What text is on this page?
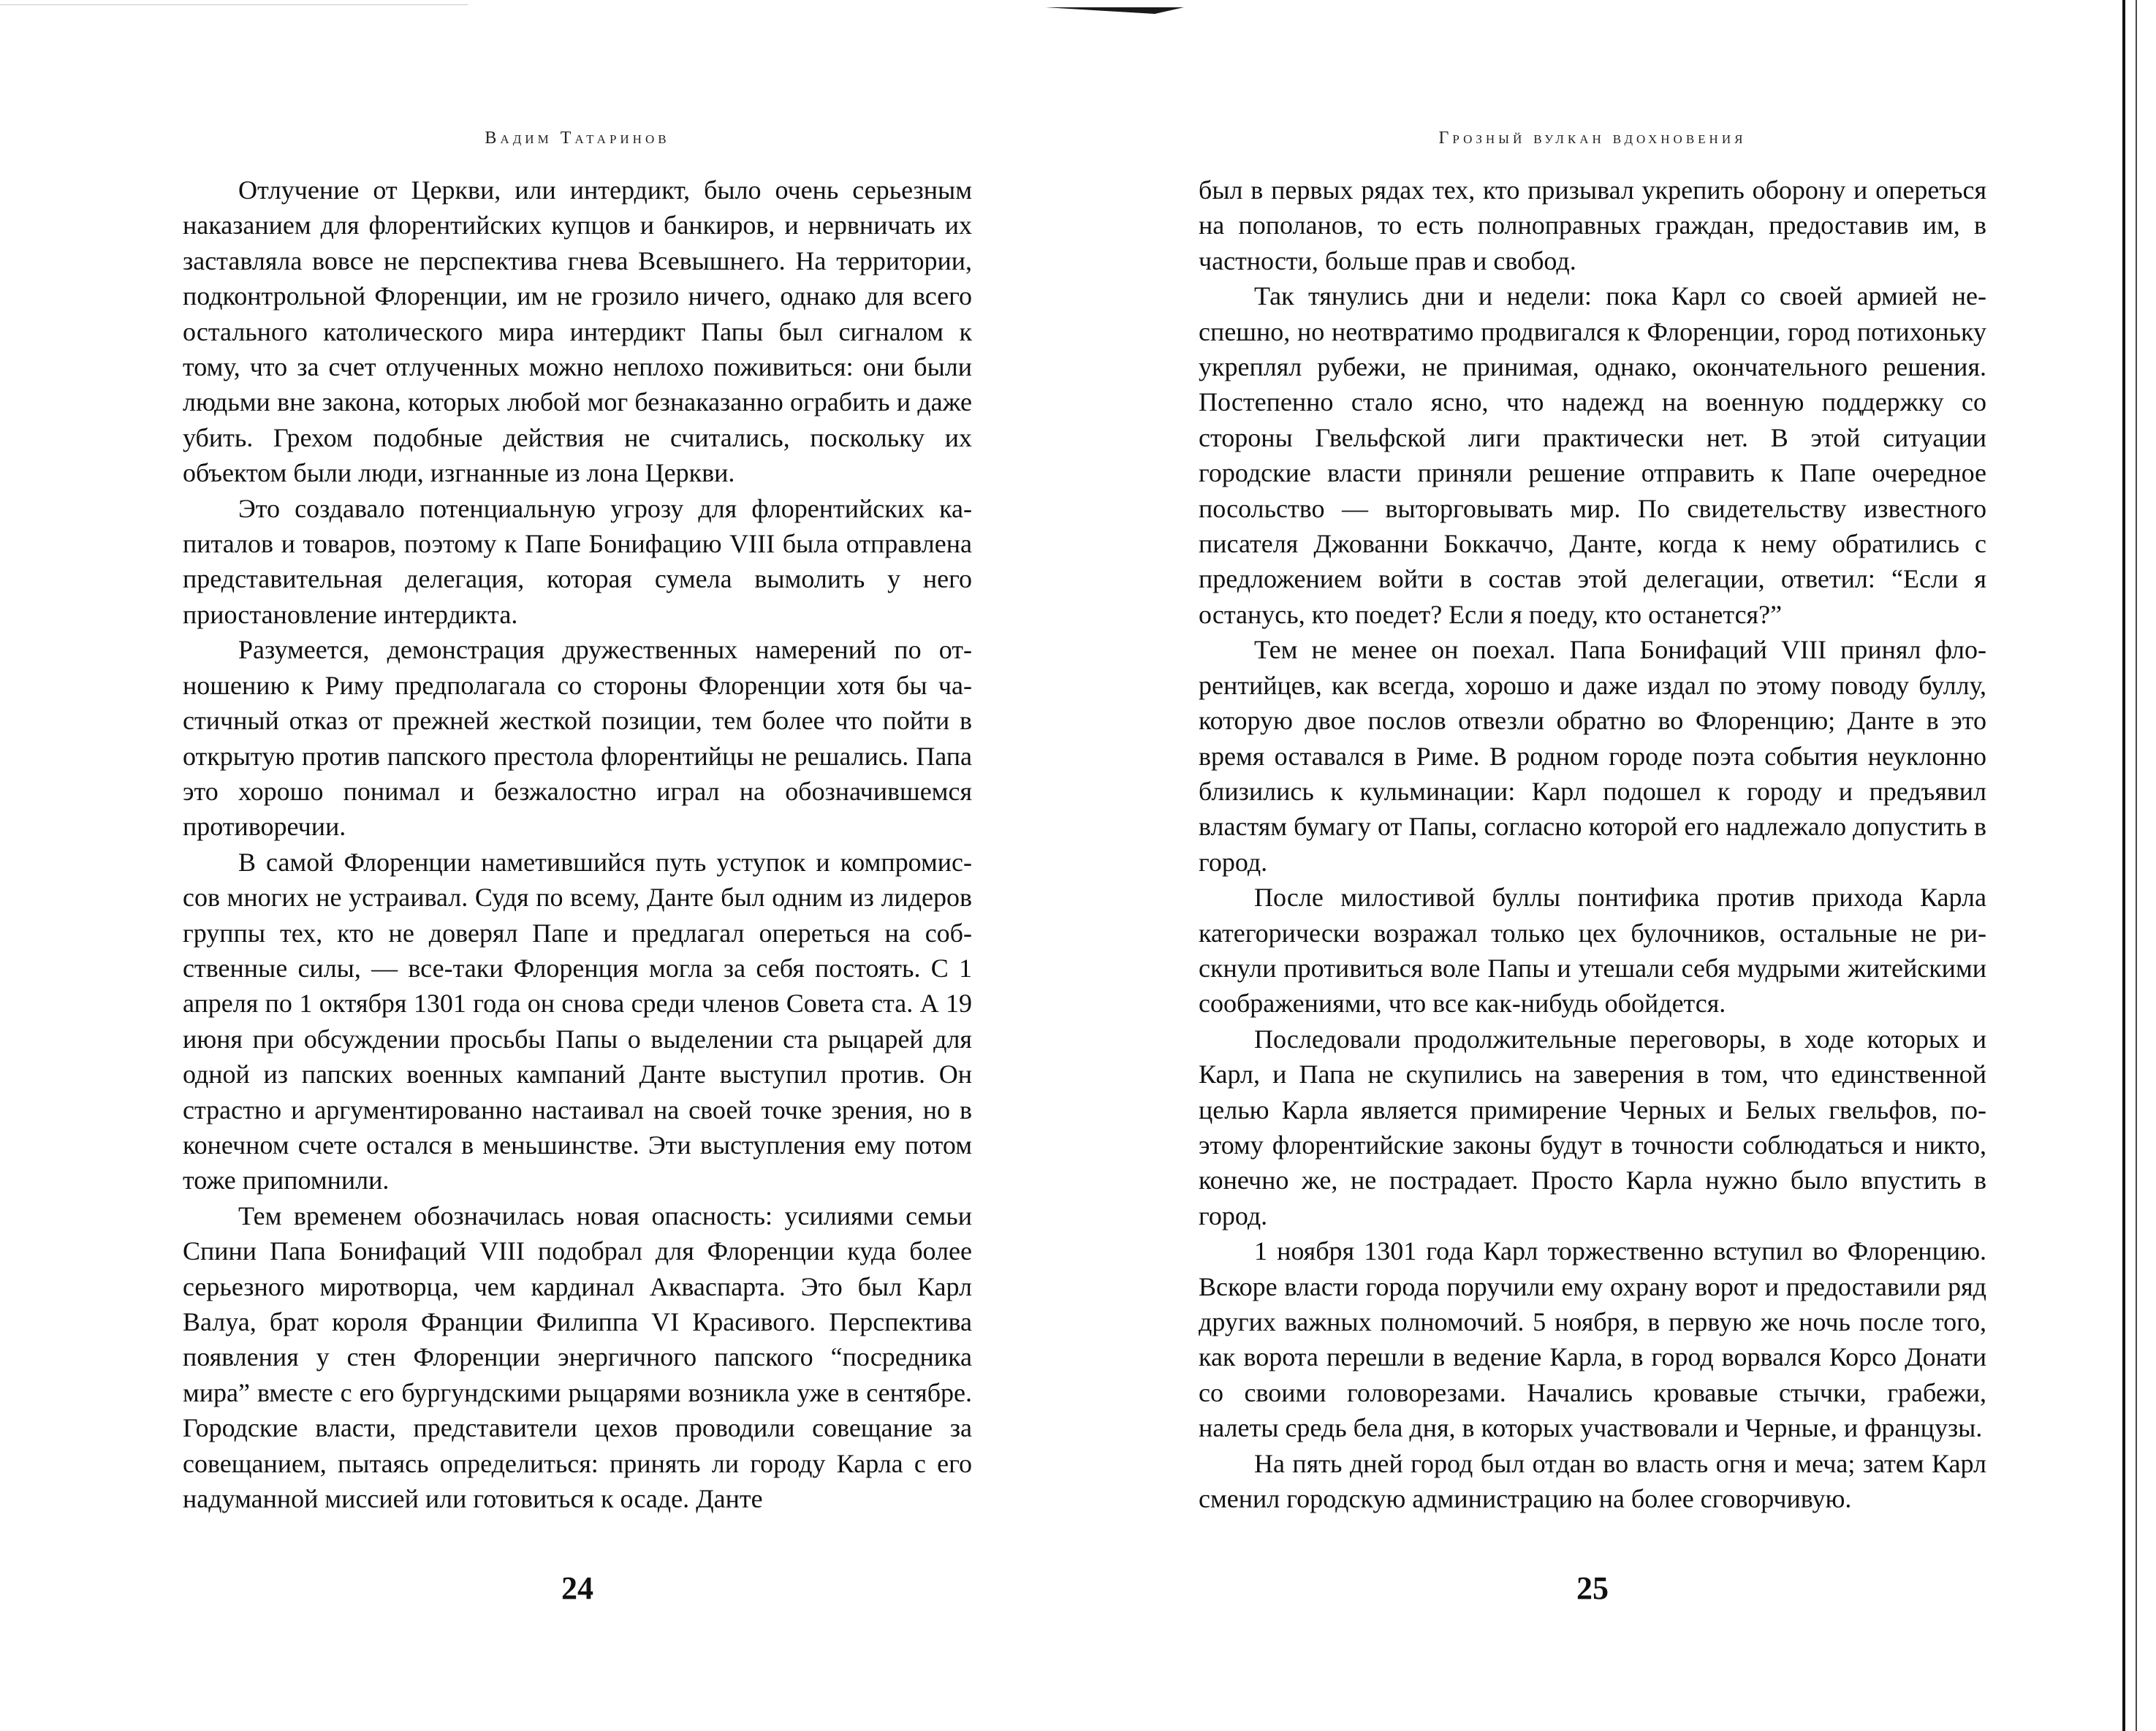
Вадим Татаринов

Отлучение от Церкви, или интердикт, было очень серьезным наказанием для флорентийских купцов и банкиров, и нервничать их заставляла вовсе не перспектива гнева Всевышнего. На территории, подконтрольной Флоренции, им не грозило ничего, однако для всего остального католического мира интердикт Папы был сигналом к тому, что за счет отлученных можно неплохо поживиться: они были людьми вне закона, которых любой мог безнаказанно ограбить и даже убить. Грехом подобные действия не считались, поскольку их объектом были люди, изгнанные из лона Церкви.

Это создавало потенциальную угрозу для флорентийских капиталов и товаров, поэтому к Папе Бонифацию VIII была отправлена представительная делегация, которая сумела вымолить у него приостановление интердикта.

Разумеется, демонстрация дружественных намерений по отношению к Риму предполагала со стороны Флоренции хотя бы частичный отказ от прежней жесткой позиции, тем более что пойти в открытую против папского престола флорентийцы не решались. Папа это хорошо понимал и безжалостно играл на обозначившемся противоречии.

В самой Флоренции наметившийся путь уступок и компромиссов многих не устраивал. Судя по всему, Данте был одним из лидеров группы тех, кто не доверял Папе и предлагал опереться на собственные силы, — все-таки Флоренция могла за себя постоять. С 1 апреля по 1 октября 1301 года он снова среди членов Совета ста. А 19 июня при обсуждении просьбы Папы о выделении ста рыцарей для одной из папских военных кампаний Данте выступил против. Он страстно и аргументированно настаивал на своей точке зрения, но в конечном счете остался в меньшинстве. Эти выступления ему потом тоже припомнили.

Тем временем обозначилась новая опасность: усилиями семьи Спини Папа Бонифаций VIII подобрал для Флоренции куда более серьезного миротворца, чем кардинал Акваспарта. Это был Карл Валуа, брат короля Франции Филиппа VI Красивого. Перспектива появления у стен Флоренции энергичного папского “посредника мира” вместе с его бургундскими рыцарями возникла уже в сентябре. Городские власти, представители цехов проводили совещание за совещанием, пытаясь определиться: принять ли городу Карла с его надуманной миссией или готовиться к осаде. Данте

24
Грозный вулкан вдохновения

был в первых рядах тех, кто призывал укрепить оборону и опереться на пополанов, то есть полноправных граждан, предоставив им, в частности, больше прав и свобод.

Так тянулись дни и недели: пока Карл со своей армией неспешно, но неотвратимо продвигался к Флоренции, город потихоньку укреплял рубежи, не принимая, однако, окончательного решения. Постепенно стало ясно, что надежд на военную поддержку со стороны Гвельфской лиги практически нет. В этой ситуации городские власти приняли решение отправить к Папе очередное посольство — выторговывать мир. По свидетельству известного писателя Джованни Боккаччо, Данте, когда к нему обратились с предложением войти в состав этой делегации, ответил: “Если я останусь, кто поедет? Если я поеду, кто останется?”

Тем не менее он поехал. Папа Бонифаций VIII принял флорентийцев, как всегда, хорошо и даже издал по этому поводу буллу, которую двое послов отвезли обратно во Флоренцию; Данте в это время оставался в Риме. В родном городе поэта события неуклонно близились к кульминации: Карл подошел к городу и предъявил властям бумагу от Папы, согласно которой его надлежало допустить в город.

После милостивой буллы понтифика против прихода Карла категорически возражал только цех булочников, остальные не рискнули противиться воле Папы и утешали себя мудрыми житейскими соображениями, что все как-нибудь обойдется.

Последовали продолжительные переговоры, в ходе которых и Карл, и Папа не скупились на заверения в том, что единственной целью Карла является примирение Черных и Белых гвельфов, поэтому флорентийские законы будут в точности соблюдаться и никто, конечно же, не пострадает. Просто Карла нужно было впустить в город.

1 ноября 1301 года Карл торжественно вступил во Флоренцию. Вскоре власти города поручили ему охрану ворот и предоставили ряд других важных полномочий. 5 ноября, в первую же ночь после того, как ворота перешли в ведение Карла, в город ворвался Корсо Донати со своими головорезами. Начались кровавые стычки, грабежи, налеты средь бела дня, в которых участвовали и Черные, и французы.

На пять дней город был отдан во власть огня и меча; затем Карл сменил городскую администрацию на более сговорчивую.

25
